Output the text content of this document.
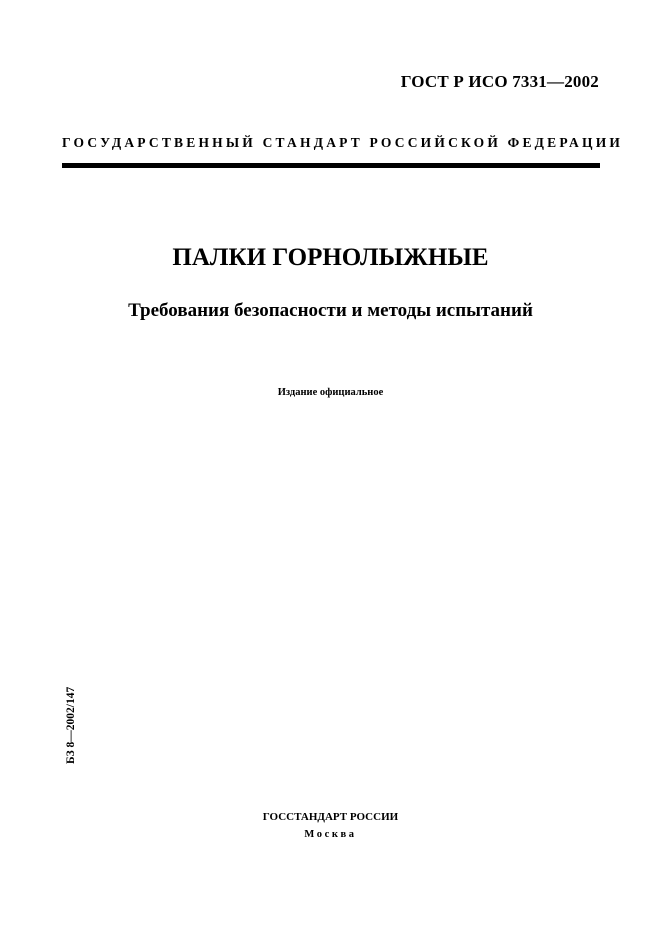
ГОСТ Р ИСО 7331—2002
ГОСУДАРСТВЕННЫЙ СТАНДАРТ РОССИЙСКОЙ ФЕДЕРАЦИИ
ПАЛКИ ГОРНОЛЫЖНЫЕ
Требования безопасности и методы испытаний
Издание официальное
БЗ 8—2002/147
ГОССТАНДАРТ РОССИИ
Москва
